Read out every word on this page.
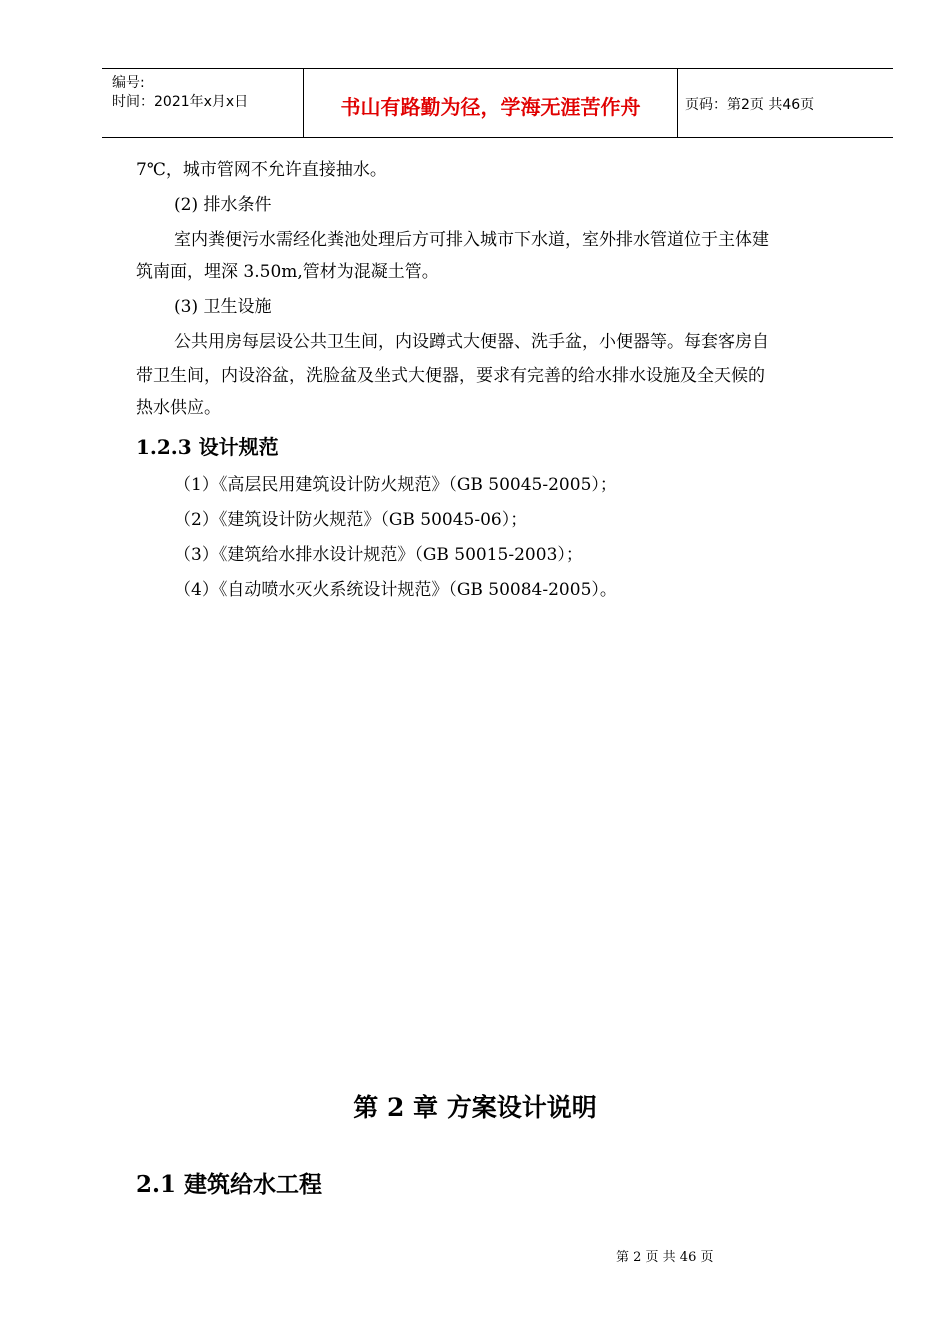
编号:
时间：2021年x月x日	书山有路勤为径，学海无涯苦作舟	页码：第2页 共46页
7℃，城市管网不允许直接抽水。
(2) 排水条件
室内粪便污水需经化粪池处理后方可排入城市下水道，室外排水管道位于主体建
筑南面，埋深 3.50m,管材为混凝土管。
(3) 卫生设施
公共用房每层设公共卫生间，内设蹲式大便器、洗手盆，小便器等。每套客房自
带卫生间，内设浴盆，洗脸盆及坐式大便器，要求有完善的给水排水设施及全天候的
热水供应。
1.2.3 设计规范
（1）《高层民用建筑设计防火规范》（GB 50045-2005）；
（2）《建筑设计防火规范》（GB 50045-06）；
（3）《建筑给水排水设计规范》（GB 50015-2003）；
（4）《自动喷水灭火系统设计规范》（GB 50084-2005）。
第 2 章 方案设计说明
2.1 建筑给水工程
第 2 页 共 46 页
